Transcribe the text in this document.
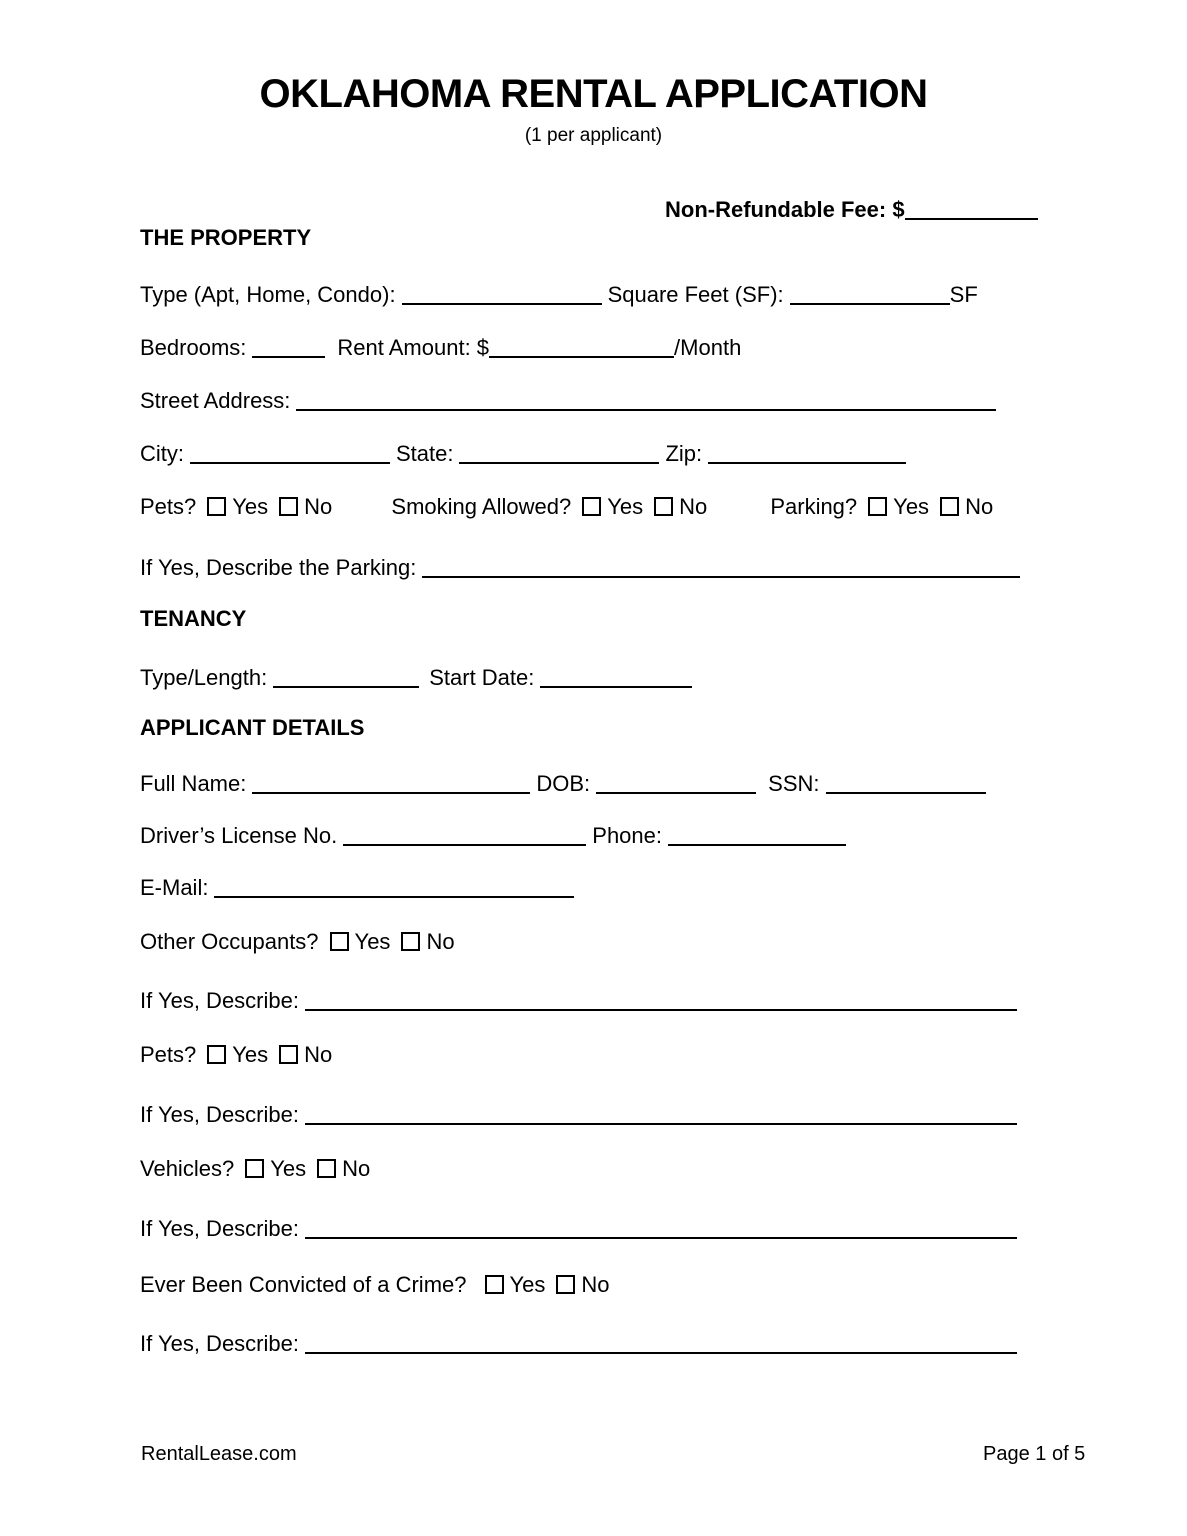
OKLAHOMA RENTAL APPLICATION
(1 per applicant)
Non-Refundable Fee: $
THE PROPERTY
Type (Apt, Home, Condo):	Square Feet (SF):	SF
Bedrooms:	Rent Amount: $	/Month
Street Address:
City:	State:	Zip:
Pets? Yes No	Smoking Allowed? Yes No	Parking? Yes No
If Yes, Describe the Parking:
TENANCY
Type/Length:	Start Date:
APPLICANT DETAILS
Full Name:	DOB:	SSN:
Driver’s License No.	Phone:
E-Mail:
Other Occupants? Yes No
If Yes, Describe:
Pets? Yes No
If Yes, Describe:
Vehicles? Yes No
If Yes, Describe:
Ever Been Convicted of a Crime? Yes No
If Yes, Describe:
RentalLease.com	Page 1 of 5
